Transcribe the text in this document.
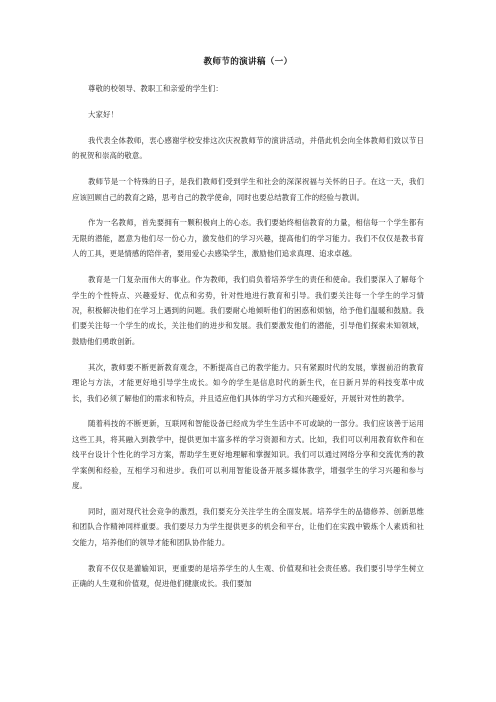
教师节的演讲稿（一）

尊敬的校领导、教职工和亲爱的学生们：

大家好！

我代表全体教师，衷心感谢学校安排这次庆祝教师节的演讲活动，并借此机会向全体教师们致以节日的祝贺和崇高的敬意。

教师节是一个特殊的日子，是我们教师们受到学生和社会的深深祝福与关怀的日子。在这一天，我们应该回顾自己的教育之路，思考自己的教学使命，同时也要总结教育工作的经验与教训。

作为一名教师，首先要拥有一颗积极向上的心态。我们要始终相信教育的力量，相信每一个学生都有无限的潜能，愿意为他们尽一份心力，激发他们的学习兴趣，提高他们的学习能力。我们不仅仅是教书育人的工具，更是情感的陪伴者，要用爱心去感染学生，激励他们追求真理、追求卓越。

教育是一门复杂而伟大的事业。作为教师，我们肩负着培养学生的责任和使命。我们要深入了解每个学生的个性特点、兴趣爱好、优点和劣势，针对性地进行教育和引导。我们要关注每一个学生的学习情况，积极解决他们在学习上遇到的问题。我们要耐心地倾听他们的困惑和烦恼，给予他们温暖和鼓励。我们要关注每一个学生的成长，关注他们的进步和发展。我们要激发他们的潜能，引导他们探索未知领域，鼓励他们勇敢创新。

其次，教师要不断更新教育观念，不断提高自己的教学能力。只有紧跟时代的发展，掌握前沿的教育理论与方法，才能更好地引导学生成长。如今的学生是信息时代的新生代，在日新月异的科技变革中成长，我们必须了解他们的需求和特点，并且适应他们具体的学习方式和兴趣爱好，开展针对性的教学。

随着科技的不断更新，互联网和智能设备已经成为学生生活中不可或缺的一部分。我们应该善于运用这些工具，将其融入到教学中，提供更加丰富多样的学习资源和方式。比如，我们可以利用教育软件和在线平台设计个性化的学习方案，帮助学生更好地理解和掌握知识。我们可以通过网络分享和交流优秀的教学案例和经验，互相学习和进步。我们可以利用智能设备开展多媒体教学，增强学生的学习兴趣和参与度。

同时，面对现代社会竞争的激烈，我们要充分关注学生的全面发展。培养学生的品德修养、创新思维和团队合作精神同样重要。我们要尽力为学生提供更多的机会和平台，让他们在实践中锻炼个人素质和社交能力，培养他们的领导才能和团队协作能力。

教育不仅仅是灌输知识，更重要的是培养学生的人生观、价值观和社会责任感。我们要引导学生树立正确的人生观和价值观，促进他们健康成长。我们要加
